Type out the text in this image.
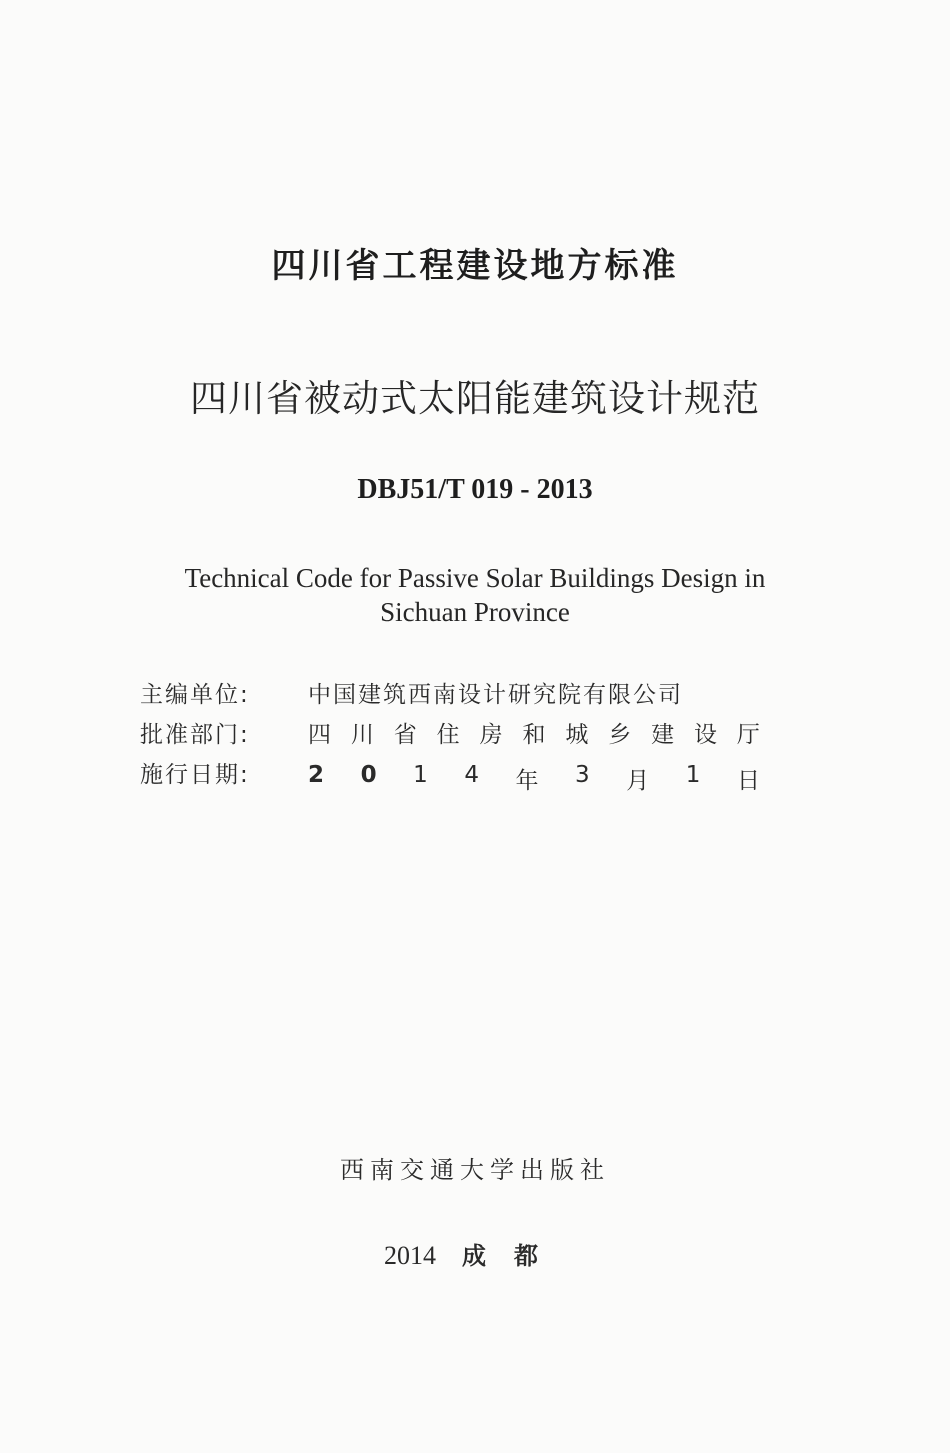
四川省工程建设地方标准
四川省被动式太阳能建筑设计规范
DBJ51/T 019 - 2013
Technical Code for Passive Solar Buildings Design in
Sichuan Province
主编单位:	中国建筑西南设计研究院有限公司
批准部门:	四 川 省 住 房 和 城 乡 建 设 厅
施行日期:	2 0 1 4 年 3 月 1 日
西南交通大学出版社
2014 成都
